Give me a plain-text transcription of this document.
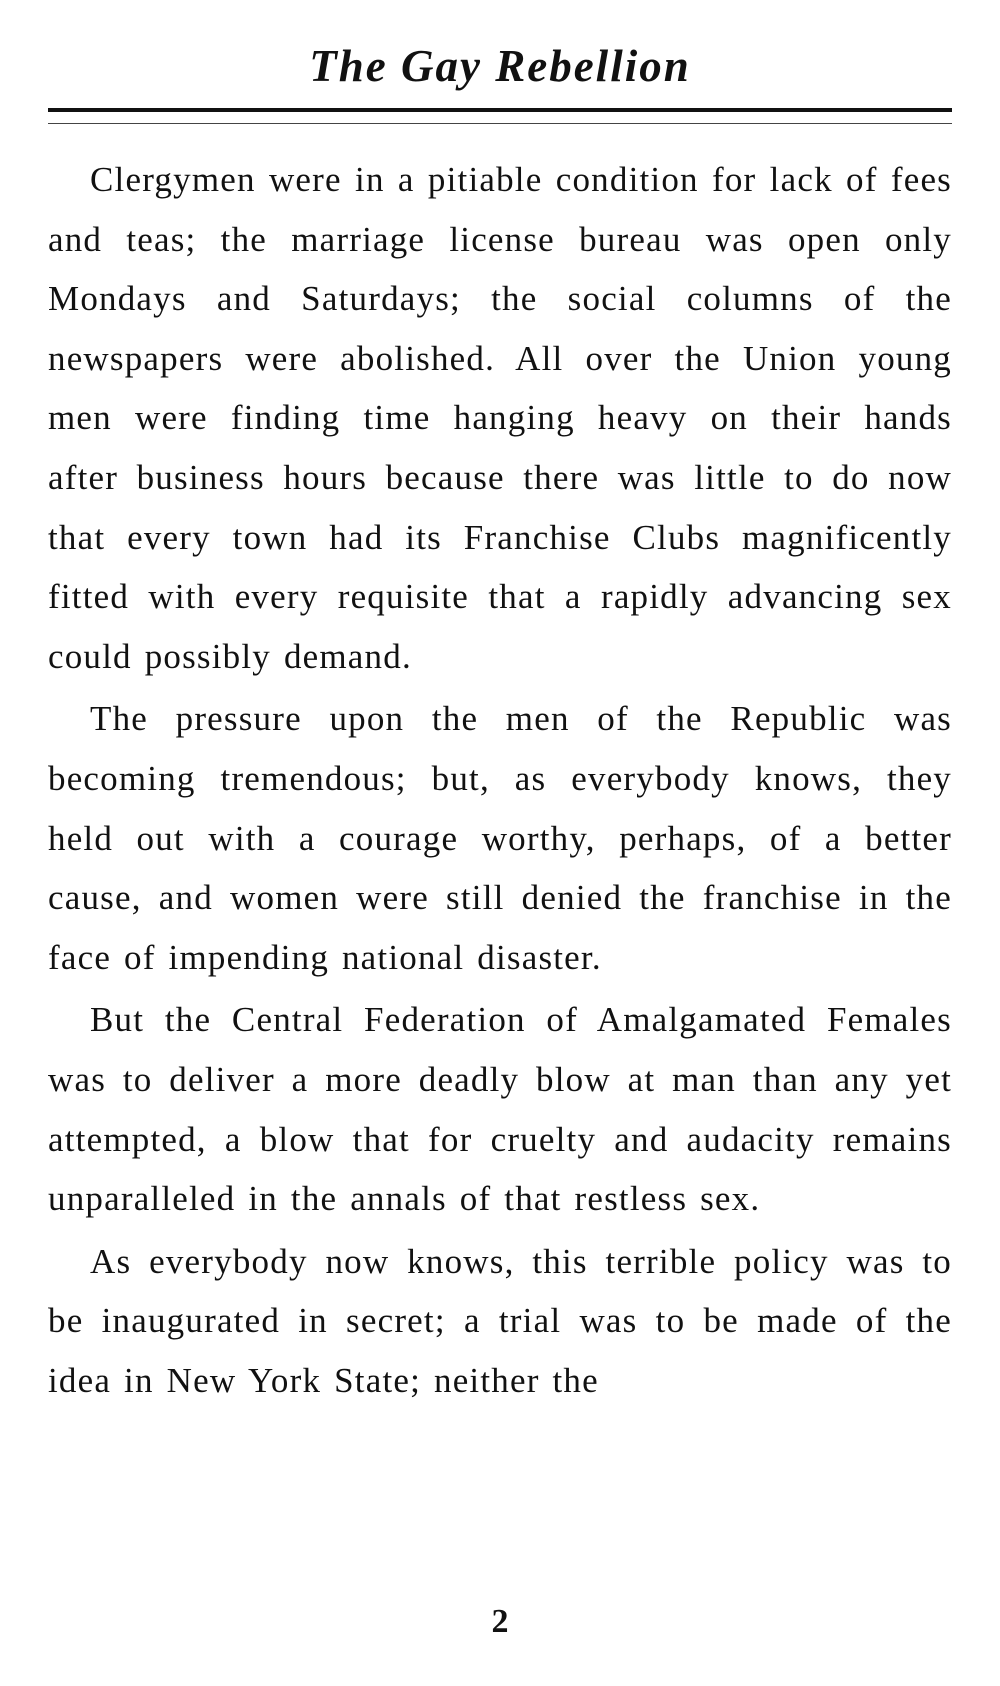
The Gay Rebellion

Clergymen were in a pitiable condition for lack of fees and teas; the marriage license bureau was open only Mondays and Saturdays; the social columns of the newspapers were abolished. All over the Union young men were finding time hanging heavy on their hands after business hours because there was little to do now that every town had its Franchise Clubs magnificently fitted with every requisite that a rapidly advancing sex could possibly demand.

The pressure upon the men of the Republic was becoming tremendous; but, as everybody knows, they held out with a courage worthy, perhaps, of a better cause, and women were still denied the franchise in the face of impending national disaster.

But the Central Federation of Amalgamated Females was to deliver a more deadly blow at man than any yet attempted, a blow that for cruelty and audacity remains unparalleled in the annals of that restless sex.

As everybody now knows, this terrible policy was to be inaugurated in secret; a trial was to be made of the idea in New York State; neither the

2
